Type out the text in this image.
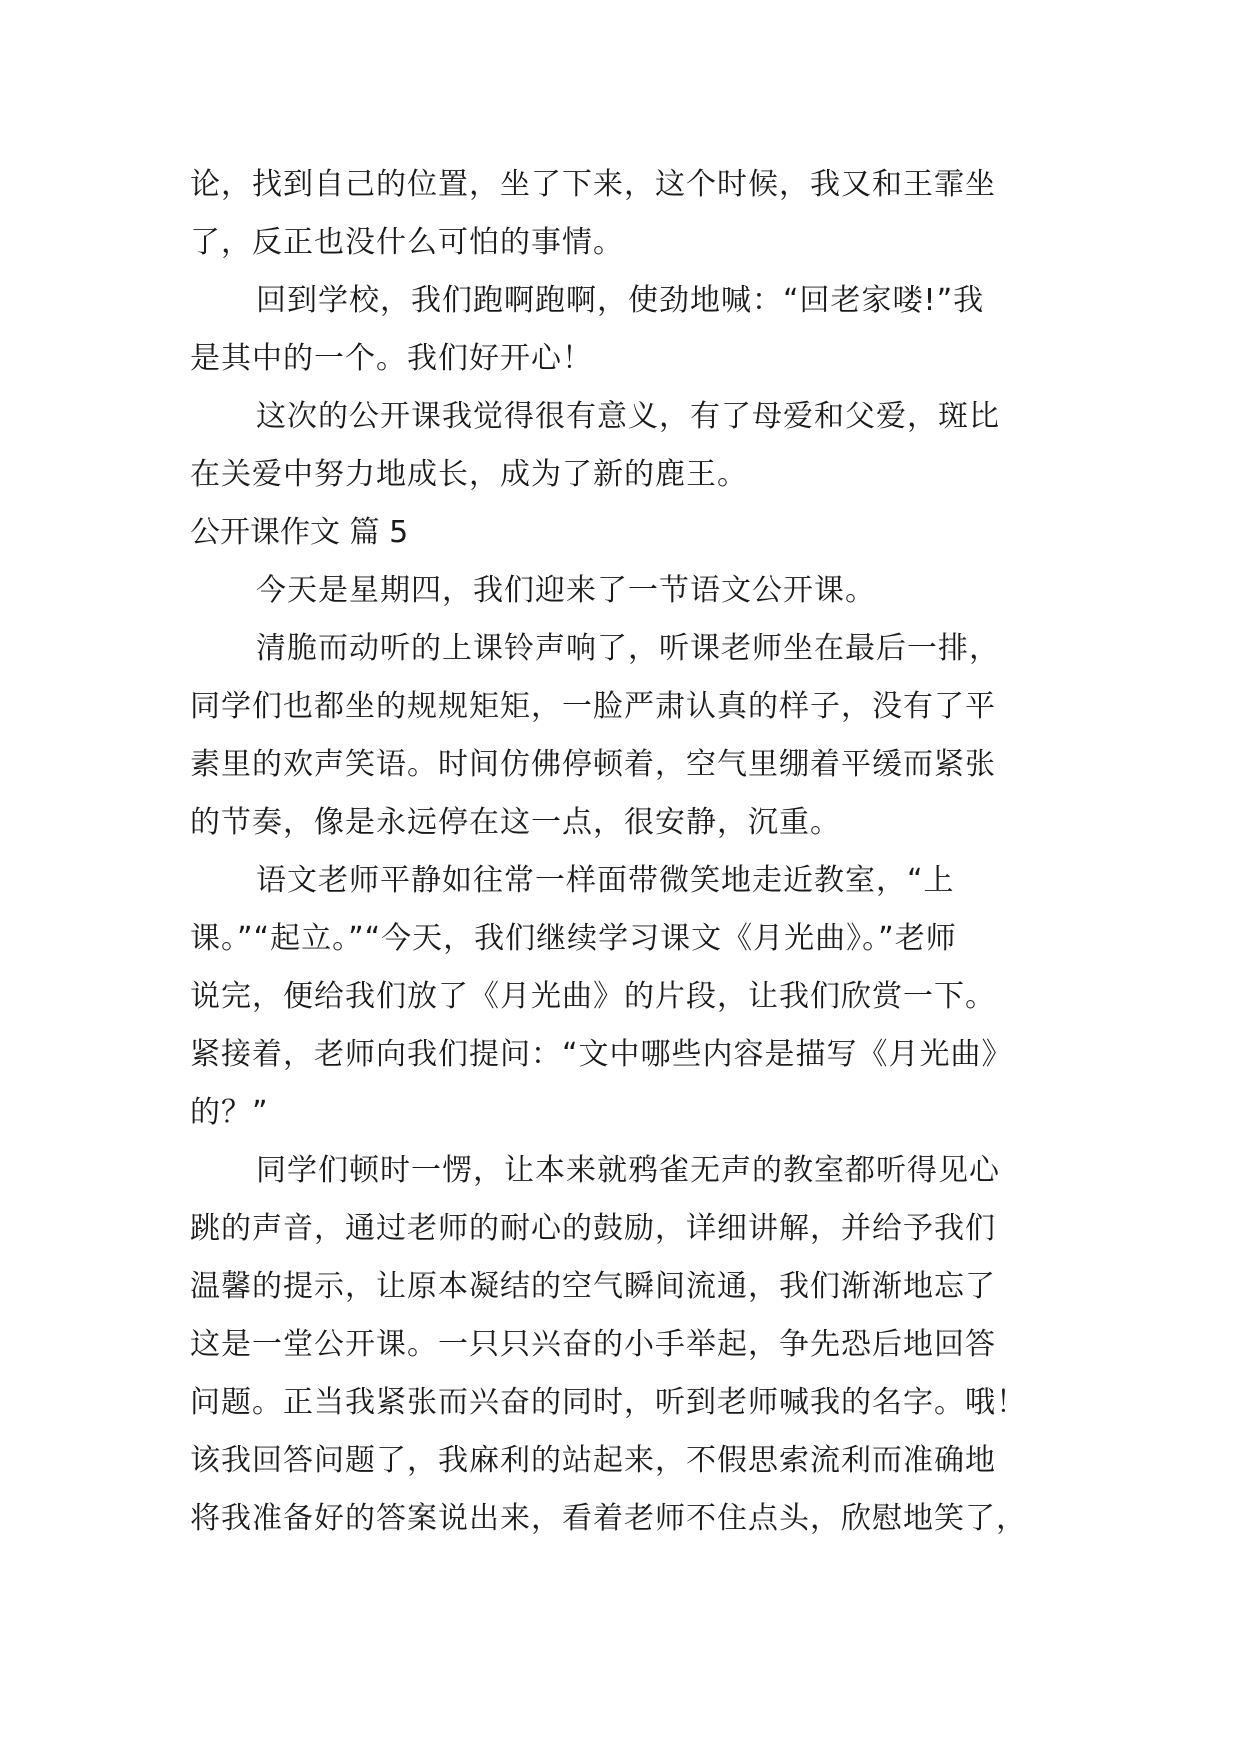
论，找到自己的位置，坐了下来，这个时候，我又和王霏坐
了，反正也没什么可怕的事情。
回到学校，我们跑啊跑啊，使劲地喊：“回老家喽!”我
是其中的一个。我们好开心！
这次的公开课我觉得很有意义，有了母爱和父爱，斑比
在关爱中努力地成长，成为了新的鹿王。
公开课作文 篇 5
今天是星期四，我们迎来了一节语文公开课。
清脆而动听的上课铃声响了，听课老师坐在最后一排，
同学们也都坐的规规矩矩，一脸严肃认真的样子，没有了平
素里的欢声笑语。时间仿佛停顿着，空气里绷着平缓而紧张
的节奏，像是永远停在这一点，很安静，沉重。
语文老师平静如往常一样面带微笑地走近教室，“上
课。”“起立。”“今天，我们继续学习课文《月光曲》。”老师
说完，便给我们放了《月光曲》的片段，让我们欣赏一下。
紧接着，老师向我们提问：“文中哪些内容是描写《月光曲》
的？”
同学们顿时一愣，让本来就鸦雀无声的教室都听得见心
跳的声音，通过老师的耐心的鼓励，详细讲解，并给予我们
温馨的提示，让原本凝结的空气瞬间流通，我们渐渐地忘了
这是一堂公开课。一只只兴奋的小手举起，争先恐后地回答
问题。正当我紧张而兴奋的同时，听到老师喊我的名字。哦！
该我回答问题了，我麻利的站起来，不假思索流利而准确地
将我准备好的答案说出来，看着老师不住点头，欣慰地笑了，
